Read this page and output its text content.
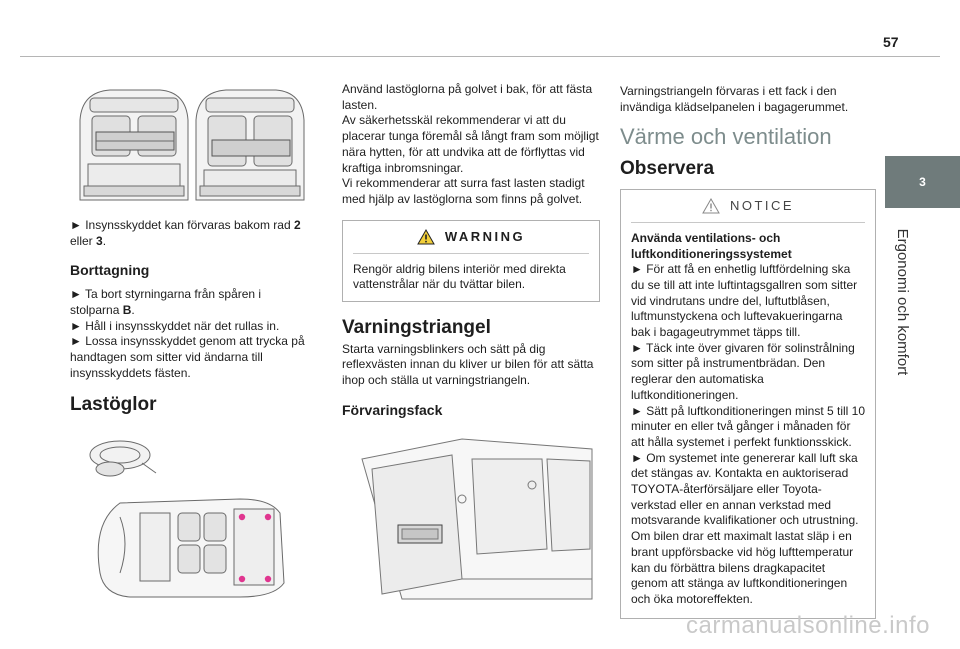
57
3
Ergonomi och komfort

► Insynsskyddet kan förvaras bakom rad 2
eller 3.

Borttagning

► Ta bort styrningarna från spåren i stolparna B.

► Håll i insynsskyddet när det rullas in.

► Lossa insynsskyddet genom att trycka på handtagen som sitter vid ändarna till insynsskyddets fästen.

Lastöglor

Använd lastöglorna på golvet i bak, för att fästa lasten.

Av säkerhetsskäl rekommenderar vi att du placerar tunga föremål så långt fram som möjligt nära hytten, för att undvika att de förflyttas vid kraftiga inbromsningar.

Vi rekommenderar att surra fast lasten stadigt med hjälp av lastöglorna som finns på golvet.

WARNING

Rengör aldrig bilens interiör med direkta vattenstrålar när du tvättar bilen.

Varningstriangel

Starta varningsblinkers och sätt på dig reflexvästen innan du kliver ur bilen för att sätta ihop och ställa ut varningstriangeln.

Förvaringsfack

Varningstriangeln förvaras i ett fack i den invändiga klädselpanelen i bagagerummet.

Värme och ventilation

Observera

NOTICE

Använda ventilations- och luftkonditioneringssystemet

► För att få en enhetlig luftfördelning ska du se till att inte luftintagsgallren som sitter vid vindrutans undre del, luftutblåsen, luftmunstyckena och luftevakueringarna bak i bagageutrymmet täpps till.

► Täck inte över givaren för solinstrålning som sitter på instrumentbrädan. Den reglerar den automatiska luftkonditioneringen.

► Sätt på luftkonditioneringen minst 5 till 10 minuter en eller två gånger i månaden för att hålla systemet i perfekt funktionsskick.

► Om systemet inte genererar kall luft ska det stängas av. Kontakta en auktoriserad TOYOTA-återförsäljare eller Toyota-verkstad eller en annan verkstad med motsvarande kvalifikationer och utrustning.

Om bilen drar ett maximalt lastat släp i en brant uppförsbacke vid hög lufttemperatur kan du förbättra bilens dragkapacitet genom att stänga av luftkonditioneringen och öka motoreffekten.

carmanualsonline.info
